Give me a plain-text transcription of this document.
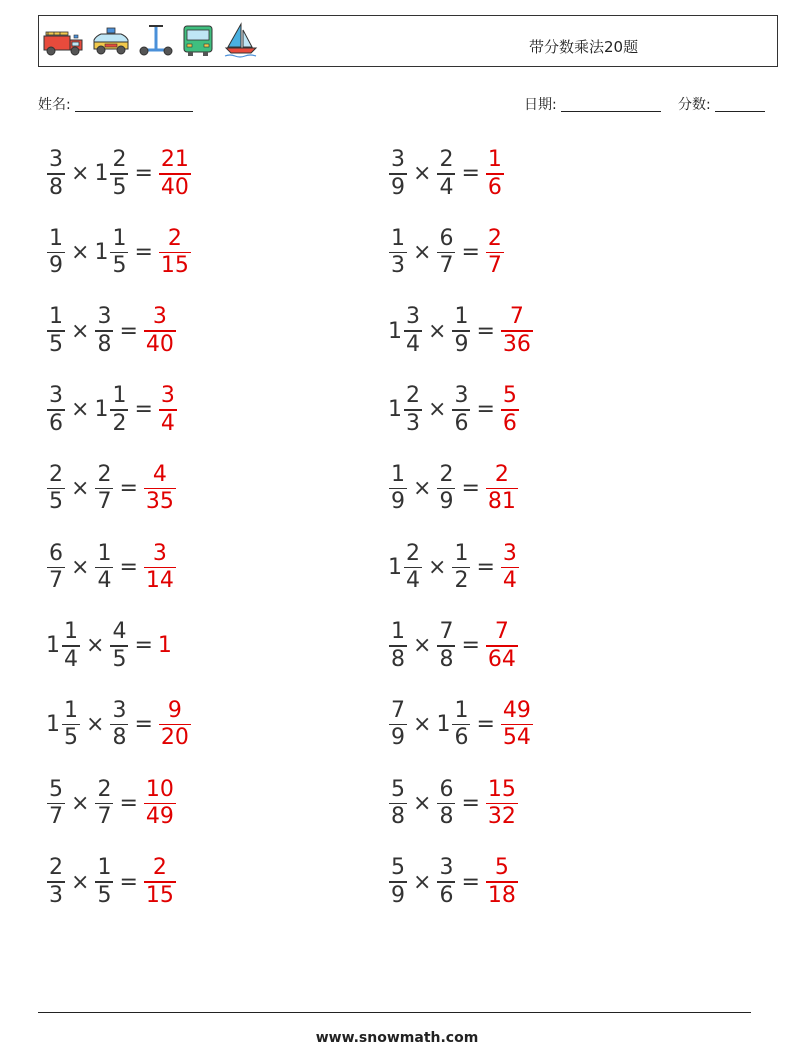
带分数乘法20题
姓名:	日期:	分数:
$\frac{3}{8} \times 1 \frac{2}{5} = \frac{21}{40}$	$\frac{3}{9} \times \frac{2}{4} = \frac{1}{6}$
$\frac{1}{9} \times 1 \frac{1}{5} = \frac{2}{15}$	$\frac{1}{3} \times \frac{6}{7} = \frac{2}{7}$
$\frac{1}{5} \times \frac{3}{8} = \frac{3}{40}$	$1 \frac{3}{4} \times \frac{1}{9} = \frac{7}{36}$
$\frac{3}{6} \times 1 \frac{1}{2} = \frac{3}{4}$	$1 \frac{2}{3} \times \frac{3}{6} = \frac{5}{6}$
$\frac{2}{5} \times \frac{2}{7} = \frac{4}{35}$	$\frac{1}{9} \times \frac{2}{9} = \frac{2}{81}$
$\frac{6}{7} \times \frac{1}{4} = \frac{3}{14}$	$1 \frac{2}{4} \times \frac{1}{2} = \frac{3}{4}$
$1 \frac{1}{4} \times \frac{4}{5} = 1$	$\frac{1}{8} \times \frac{7}{8} = \frac{7}{64}$
$1 \frac{1}{5} \times \frac{3}{8} = \frac{9}{20}$	$\frac{7}{9} \times 1 \frac{1}{6} = \frac{49}{54}$
$\frac{5}{7} \times \frac{2}{7} = \frac{10}{49}$	$\frac{5}{8} \times \frac{6}{8} = \frac{15}{32}$
$\frac{2}{3} \times \frac{1}{5} = \frac{2}{15}$	$\frac{5}{9} \times \frac{3}{6} = \frac{5}{18}$
www.snowmath.com
